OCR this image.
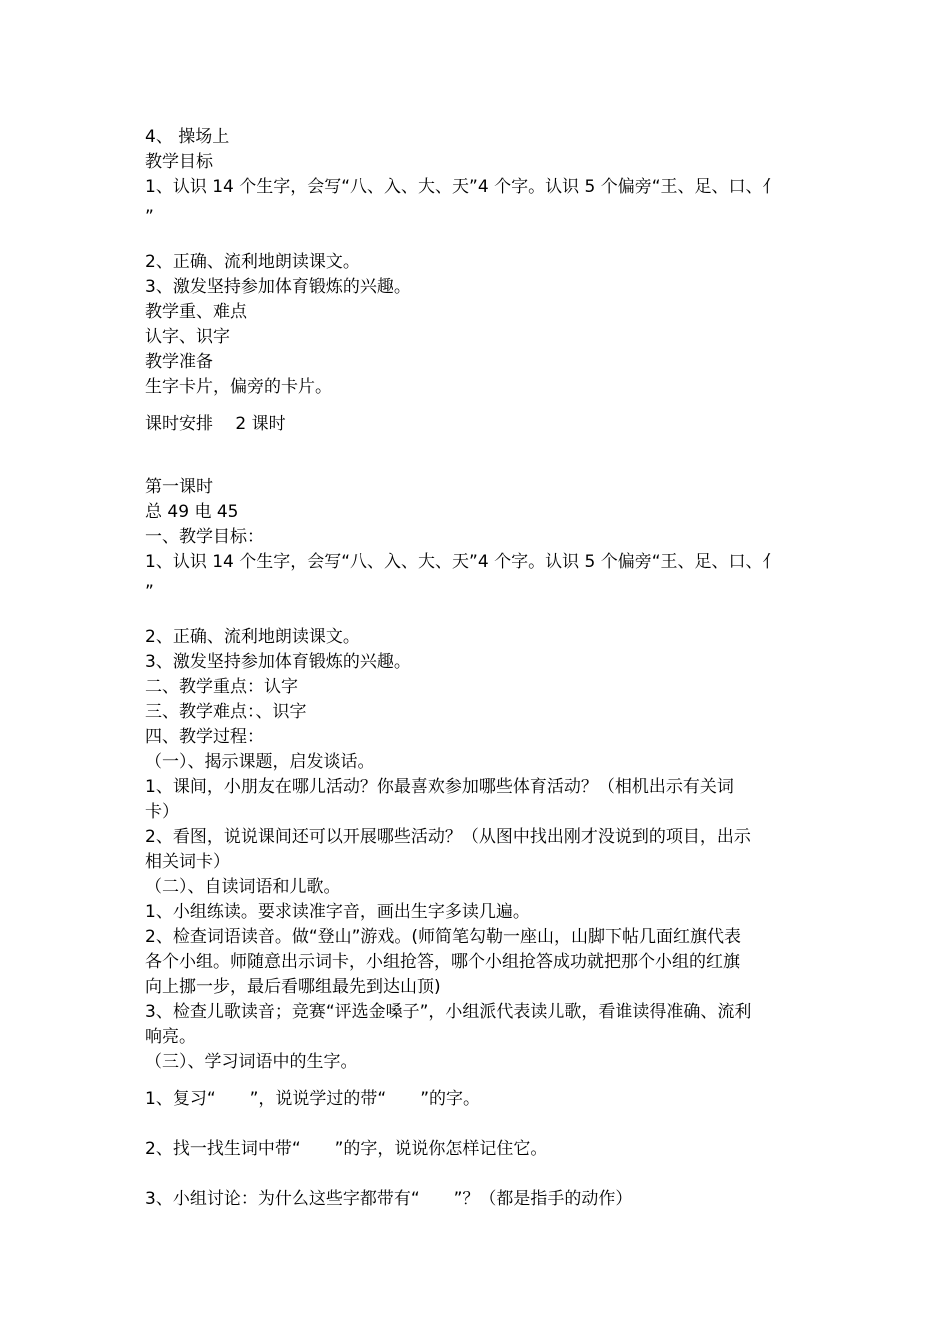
4、 操场上
教学目标
1、认识 14 个生字，会写“八、入、大、天”4 个字。认识 5 个偏旁“王、足、口、亻
”
2、正确、流利地朗读课文。
3、激发坚持参加体育锻炼的兴趣。
教学重、难点
认字、识字
教学准备
生字卡片，偏旁的卡片。
课时安排　 2 课时
第一课时
总 49 电 45
一、教学目标：
1、认识 14 个生字，会写“八、入、大、天”4 个字。认识 5 个偏旁“王、足、口、亻
”
2、正确、流利地朗读课文。
3、激发坚持参加体育锻炼的兴趣。
二、教学重点：认字
三、教学难点：、识字
四、教学过程：
（一）、揭示课题，启发谈话。
1、课间，小朋友在哪儿活动？你最喜欢参加哪些体育活动？（相机出示有关词
卡）
2、看图，说说课间还可以开展哪些活动？（从图中找出刚才没说到的项目，出示
相关词卡）
（二）、自读词语和儿歌。
1、小组练读。要求读准字音，画出生字多读几遍。
2、检查词语读音。做“登山”游戏。(师简笔勾勒一座山，山脚下帖几面红旗代表
各个小组。师随意出示词卡，小组抢答，哪个小组抢答成功就把那个小组的红旗
向上挪一步，最后看哪组最先到达山顶)
3、检查儿歌读音；竞赛“评选金嗓子”，小组派代表读儿歌，看谁读得准确、流利
响亮。
（三）、学习词语中的生字。
1、复习“　　”，说说学过的带“　　”的字。
2、找一找生词中带“　　”的字，说说你怎样记住它。
3、小组讨论：为什么这些字都带有“　　”？（都是指手的动作）
